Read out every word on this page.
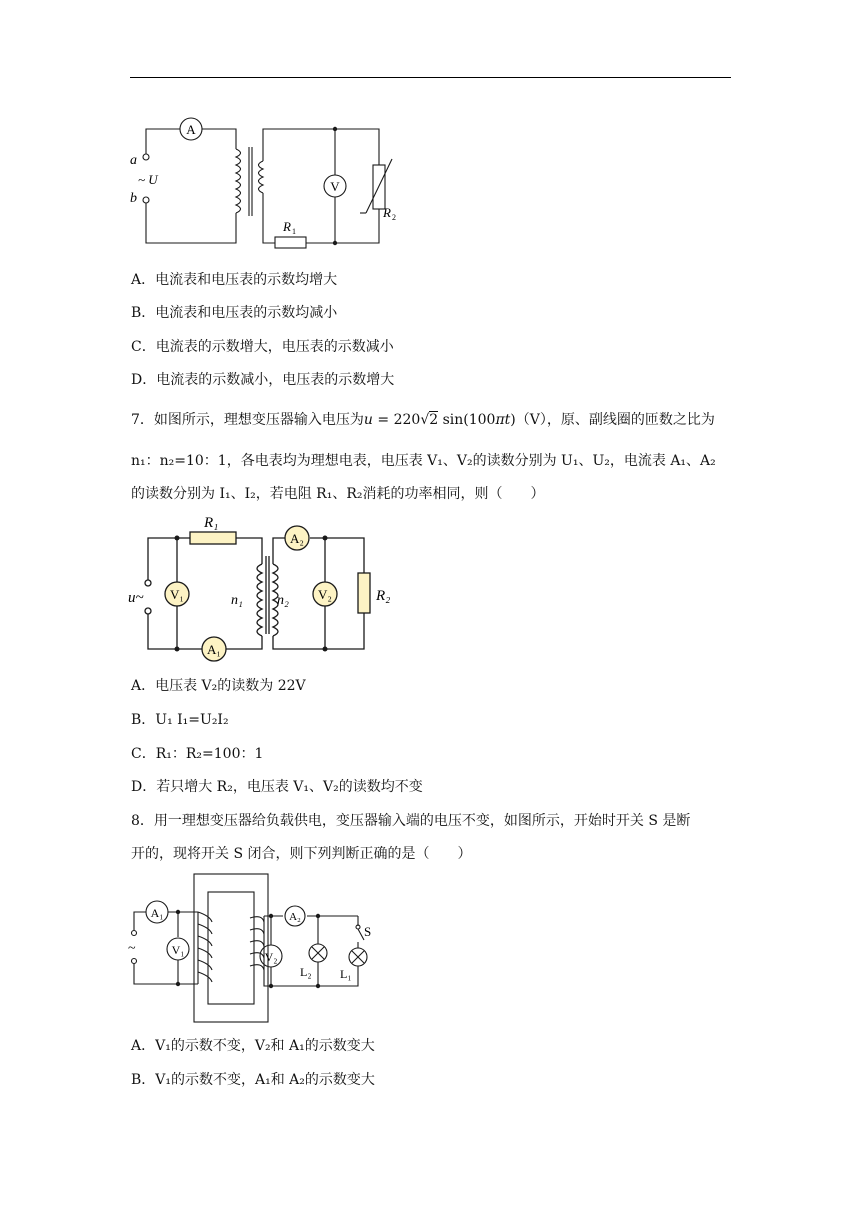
A
V
a
b
~ U
R 1
R 2
A．电流表和电压表的示数均增大
B．电流表和电压表的示数均减小
C．电流表的示数增大，电压表的示数减小
D．电流表的示数减小，电压表的示数增大
7．如图所示，理想变压器输入电压为u = 220√2 sin(100πt)（V），原、副线圈的匝数之比为
n₁：n₂=10：1，各电表均为理想电表，电压表 V₁、V₂的读数分别为 U₁、U₂，电流表 A₁、A₂
的读数分别为 I₁、I₂，若电阻 R₁、R₂消耗的功率相同，则（　　）
R₁
R₂
V₁	V₂
A₁
A₂
n₁ n₂
u~
A．电压表 V₂的读数为 22V
B．U₁ I₁=U₂I₂
C．R₁：R₂=100：1
D．若只增大 R₂，电压表 V₁、V₂的读数均不变
8．用一理想变压器给负载供电，变压器输入端的电压不变，如图所示，开始时开关 S 是断
开的，现将开关 S 闭合，则下列判断正确的是（　　）
A₁
V₁
A₂
V₂
L₂ L₁
S
~
A．V₁的示数不变，V₂和 A₁的示数变大
B．V₁的示数不变，A₁和 A₂的示数变大
